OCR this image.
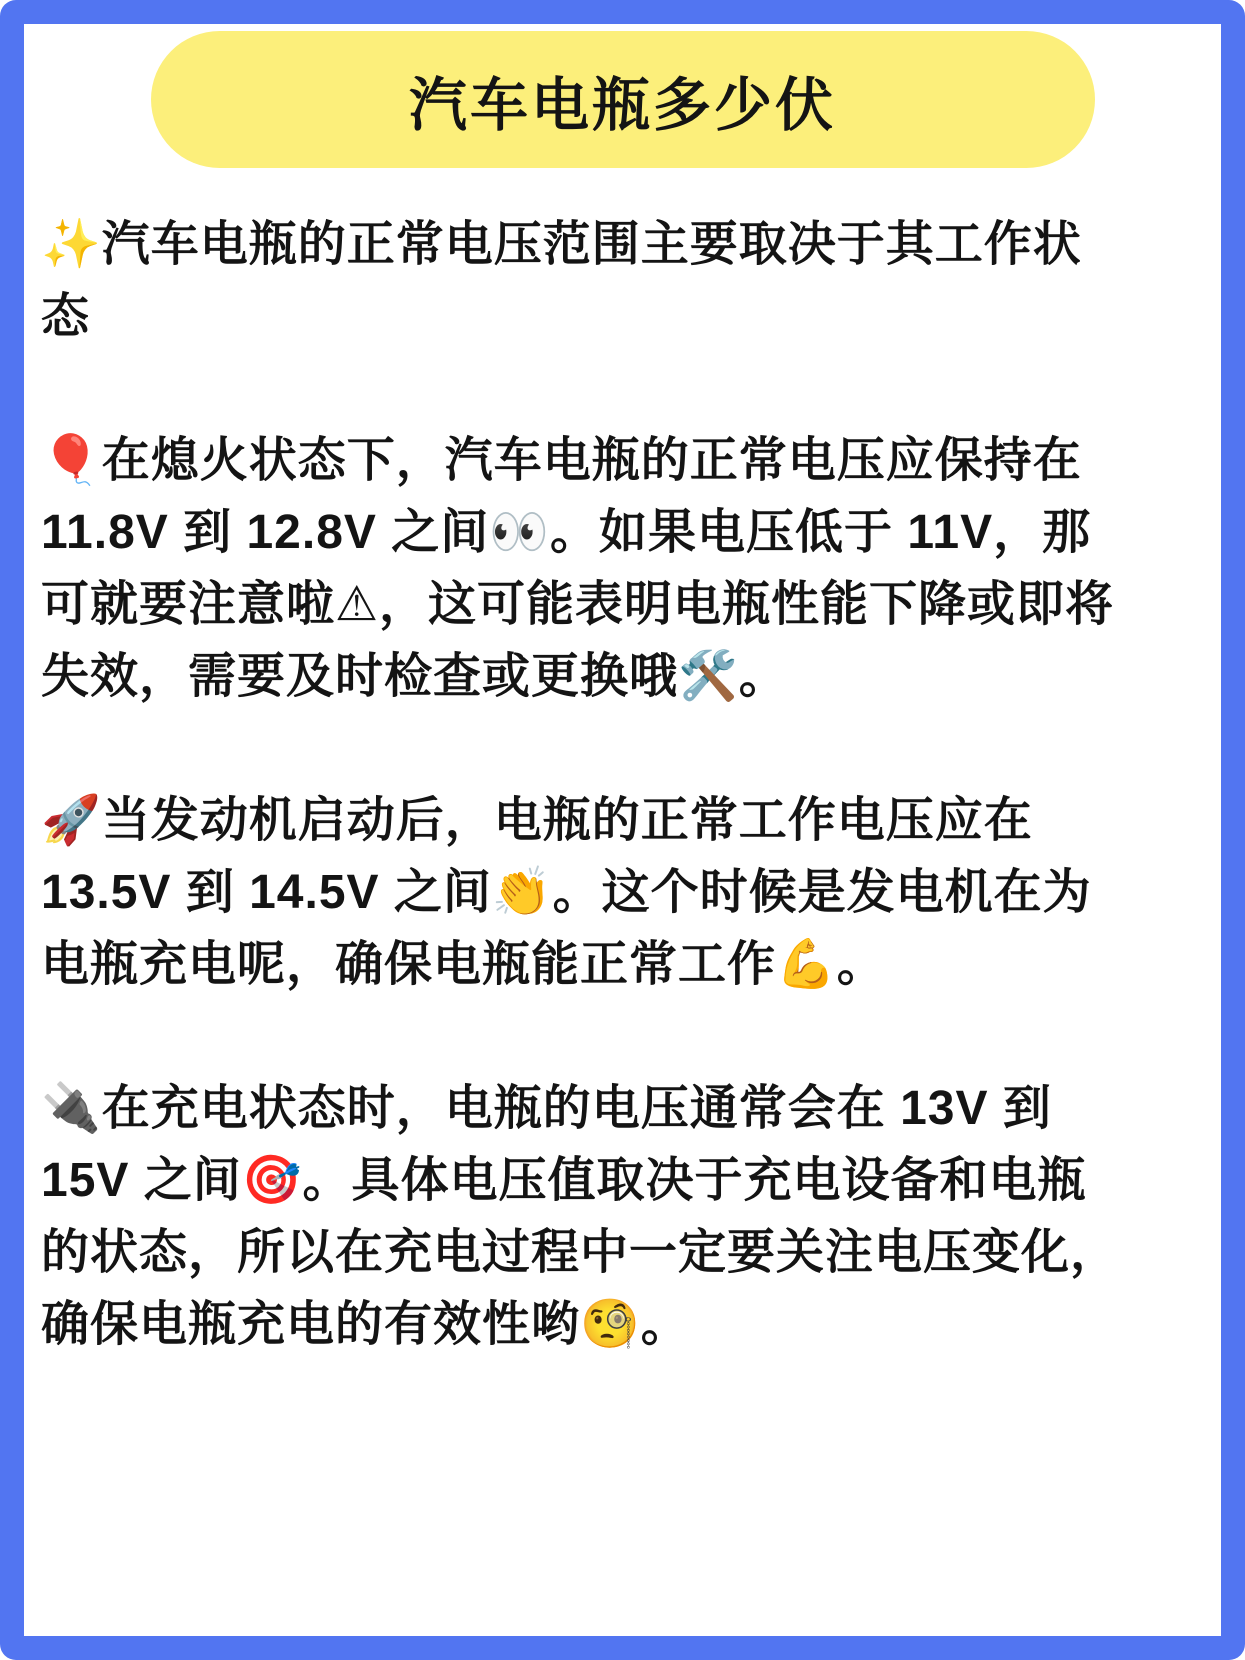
汽车电瓶多少伏
✨汽车电瓶的正常电压范围主要取决于其工作状
态
🎈在熄火状态下，汽车电瓶的正常电压应保持在
11.8V 到 12.8V 之间👀。如果电压低于 11V，那
可就要注意啦⚠，这可能表明电瓶性能下降或即将
失效，需要及时检查或更换哦🛠️。
🚀当发动机启动后，电瓶的正常工作电压应在
13.5V 到 14.5V 之间👏。这个时候是发电机在为
电瓶充电呢，确保电瓶能正常工作💪。
🔌在充电状态时，电瓶的电压通常会在 13V 到
15V 之间🎯。具体电压值取决于充电设备和电瓶
的状态，所以在充电过程中一定要关注电压变化，
确保电瓶充电的有效性哟🧐。
